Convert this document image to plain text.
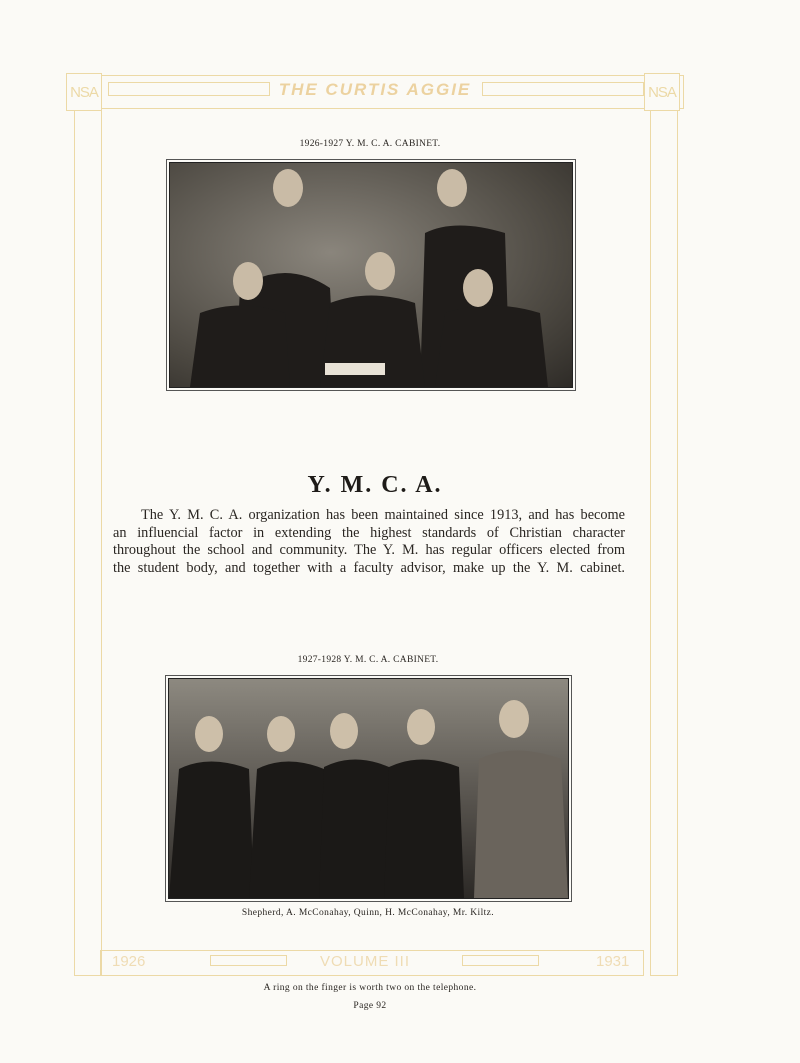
NSA	NSA
THE CURTIS AGGIE
1926-1927 Y. M. C. A. CABINET.
Y. M. C. A.
The Y. M. C. A. organization has been maintained since 1913, and has become
an influencial factor in extending the highest standards of Christian character
throughout the school and community. The Y. M. has regular officers elected from
the student body, and together with a faculty advisor, make up the Y. M. cabinet.
1927-1928 Y. M. C. A. CABINET.
Shepherd, A. McConahay, Quinn, H. McConahay, Mr. Kiltz.
1926	VOLUME III	1931
A ring on the finger is worth two on the telephone.
Page 92
